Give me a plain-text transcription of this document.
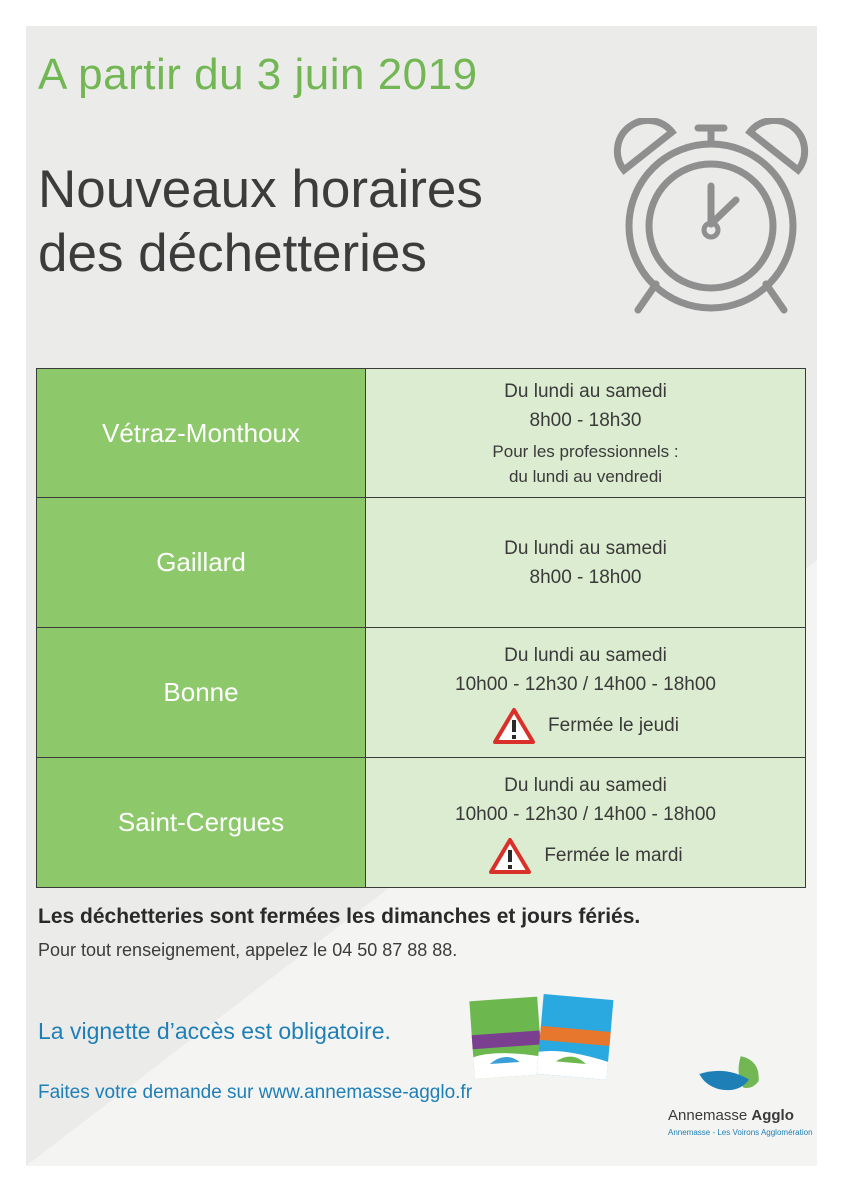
A partir du 3 juin 2019
Nouveaux horaires
des déchetteries
Vétraz-Monthoux	Du lundi au samedi
8h00 - 18h30
Pour les professionnels :
du lundi au vendredi

Gaillard	Du lundi au samedi
8h00 - 18h00

Bonne	Du lundi au samedi
10h00 - 12h30 / 14h00 - 18h00
Fermée le jeudi

Saint-Cergues	Du lundi au samedi
10h00 - 12h30 / 14h00 - 18h00
Fermée le mardi
Les déchetteries sont fermées les dimanches et jours fériés.
Pour tout renseignement, appelez le 04 50 87 88 88.
La vignette d’accès est obligatoire.
Faites votre demande sur www.annemasse-agglo.fr
Annemasse Agglo
Annemasse - Les Voirons Agglomération
